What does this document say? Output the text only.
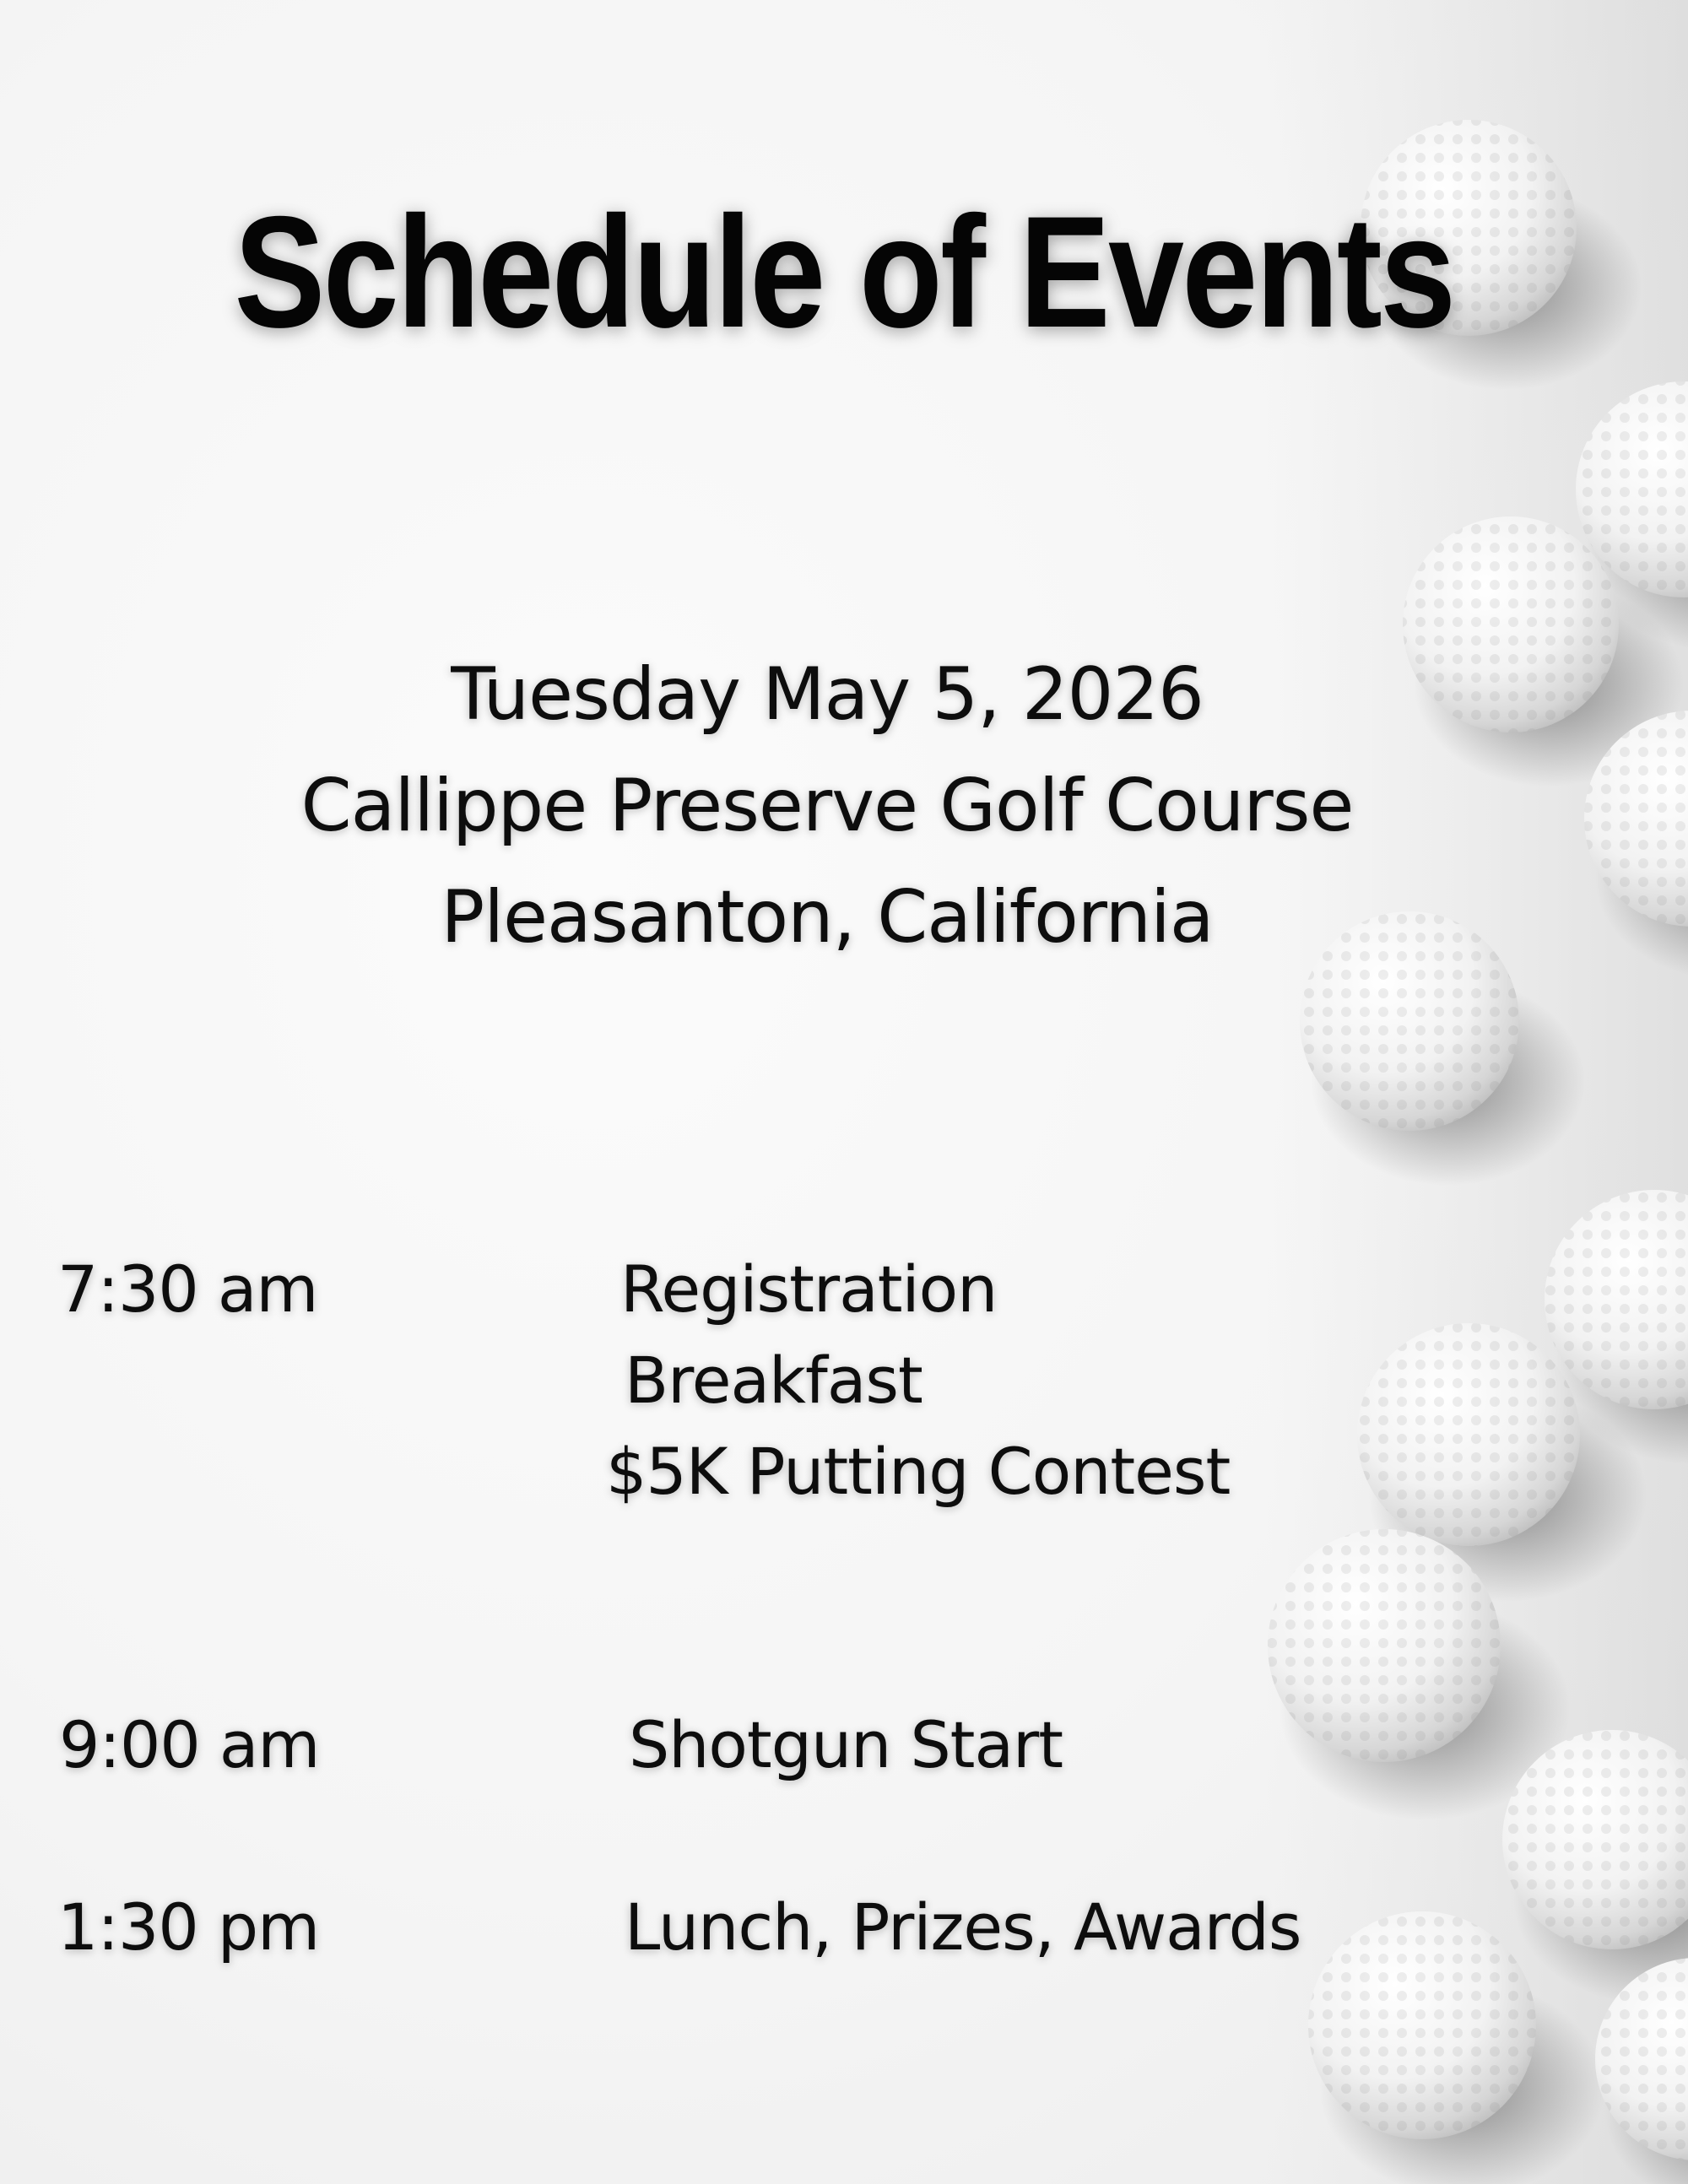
Schedule of Events
Tuesday May 5, 2026
Callippe Preserve Golf Course
Pleasanton, California
7:30 am	Registration
Breakfast
$5K Putting Contest
9:00 am	Shotgun Start
1:30 pm	Lunch, Prizes, Awards
